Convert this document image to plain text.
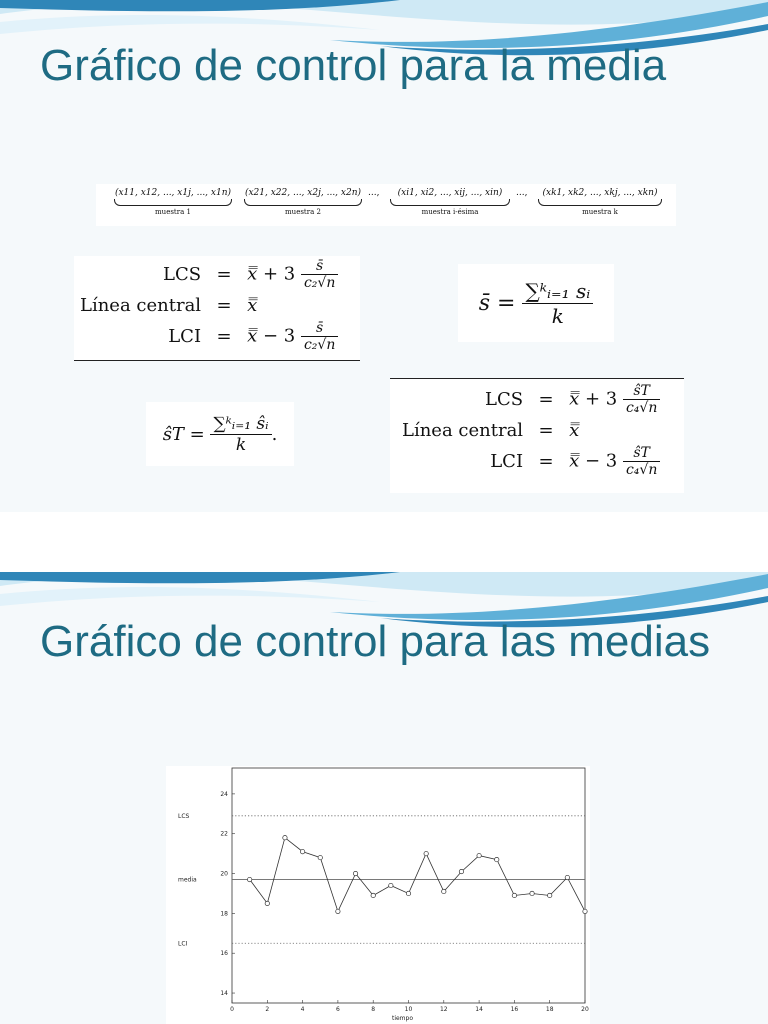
Gráfico de control para la media
(x11, x12, ..., x1j, ..., x1n)
muestra 1
(x21, x22, ..., x2j, ..., x2n)
muestra 2
...,	(xi1, xi2, ..., xij, ..., xin)
muestra i-ésima
...,	(xk1, xk2, ..., xkj, ..., xkn)
muestra k
LCS	=	x̿ + $3 \frac{s̄}{\text{c₂√n}}$

Línea central	=	x̿
LCI	=	x̿ − $3 \frac{s̄}{\text{c₂√n}}$
s̄ =
$\frac{\text{∑ᵏᵢ₌₁ sᵢ}}{k}$
ŝT =
$\frac{\text{∑ᵏᵢ₌₁ ŝᵢ}}{k}$ .
LCS	=	x̿ + $3 \frac{ŝT}{\text{c₄√n}}$

Línea central	=	x̿
LCI	=	x̿ − $3 \frac{ŝT}{\text{c₄√n}}$
Gráfico de control para las medias
0	2	4	6	8	10	12	14	16	18	20
14
16
18
20
22
24
tiempo
LCS
media
LCI
